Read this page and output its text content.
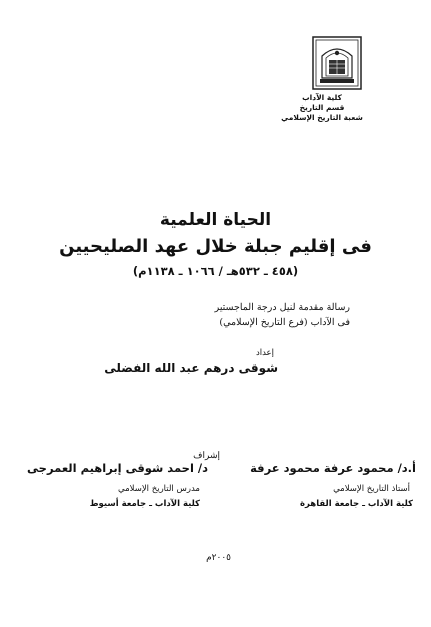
كلية الآداب
قسم التاريخ
شعبة التاريخ الإسلامي
الحياة العلمية
فى إقليم جبلة خلال عهد الصليحيين
(٤٥٨ ـ ٥٣٢هـ / ١٠٦٦ ـ ١١٣٨م)
رسالة مقدمة لنيل درجة الماجستير
فى الآداب (فرع التاريخ الإسلامي)
إعداد
شوقى درهم عبد الله الفضلى
إشراف
أ.د/ محمود عرفة محمود عرفة
أستاذ التاريخ الإسلامي
كلية الآداب ـ جامعة القاهرة
د/ احمد شوقى إبراهيم العمرجى
مدرس التاريخ الإسلامي
كلية الآداب ـ جامعة أسيوط
٢٠٠٥م
